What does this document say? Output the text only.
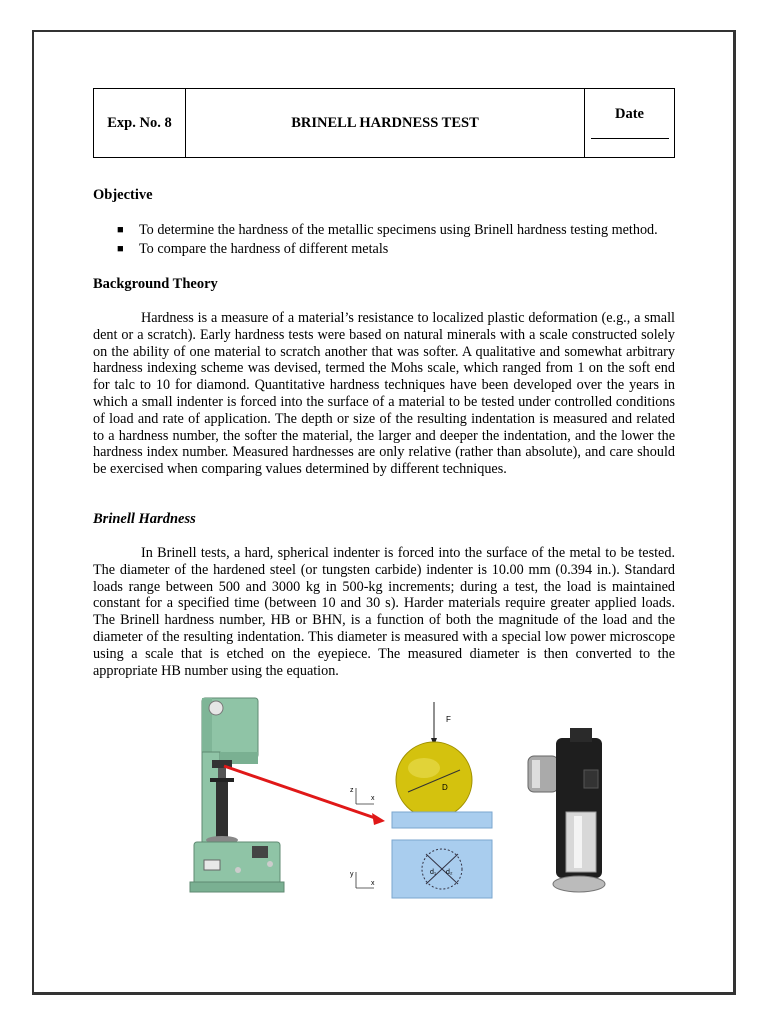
Exp. No. 8	BRINELL HARDNESS TEST
Date
Objective
■ To determine the hardness of the metallic specimens using Brinell hardness testing method.
■ To compare the hardness of different metals
Background Theory

Hardness is a measure of a material’s resistance to localized plastic deformation (e.g., a small dent or a scratch). Early hardness tests were based on natural minerals with a scale constructed solely on the ability of one material to scratch another that was softer. A qualitative and somewhat arbitrary hardness indexing scheme was devised, termed the Mohs scale, which ranged from 1 on the soft end for talc to 10 for diamond. Quantitative hardness techniques have been developed over the years in which a small indenter is forced into the surface of a material to be tested under controlled conditions of load and rate of application. The depth or size of the resulting indentation is measured and related to a hardness number, the softer the material, the larger and deeper the indentation, and the lower the hardness index number. Measured hardnesses are only relative (rather than absolute), and care should be exercised when comparing values determined by different techniques.

Brinell Hardness

In Brinell tests, a hard, spherical indenter is forced into the surface of the metal to be tested. The diameter of the hardened steel (or tungsten carbide) indenter is 10.00 mm (0.394 in.). Standard loads range between 500 and 3000 kg in 500-kg increments; during a test, the load is maintained constant for a specified time (between 10 and 30 s). Harder materials require greater applied loads. The Brinell hardness number, HB or BHN, is a function of both the magnitude of the load and the diameter of the resulting indentation. This diameter is measured with a special low power microscope using a scale that is etched on the eyepiece. The measured diameter is then converted to the appropriate HB number using the equation.

F
D
d₁ d₂
z
x
y
x
